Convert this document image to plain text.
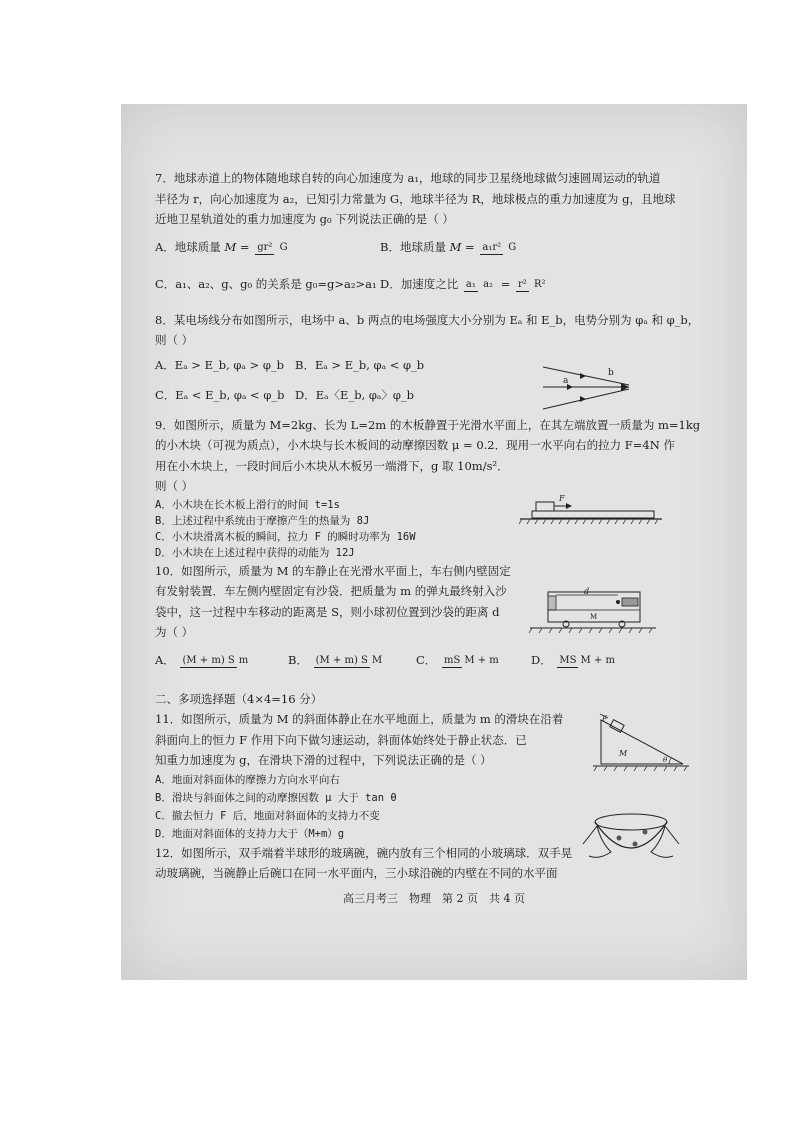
7．地球赤道上的物体随地球自转的向心加速度为 a₁，地球的同步卫星绕地球做匀速圆周运动的轨道

半径为 r，向心加速度为 a₂，已知引力常量为 G，地球半径为 R，地球极点的重力加速度为 g，且地球

近地卫星轨道处的重力加速度为 g₀ 下列说法正确的是（ ）

A．地球质量 M = gr² G	B．地球质量 M = a₁r² G
C．a₁、a₂、g、g₀ 的关系是 g₀=g>a₂>a₁ D．加速度之比 a₁ a₂ = r² R²

8．某电场线分布如图所示，电场中 a、b 两点的电场强度大小分别为 Eₐ 和 E_b，电势分别为 φₐ 和 φ_b，

则（ ）

A．Eₐ > E_b, φₐ > φ_b B．Eₐ > E_b, φₐ < φ_b
C．Eₐ < E_b, φₐ < φ_b D．Eₐ〈E_b, φₐ〉φ_b

9．如图所示，质量为 M=2kg、长为 L=2m 的木板静置于光滑水平面上，在其左端放置一质量为 m=1kg

的小木块（可视为质点），小木块与长木板间的动摩擦因数 μ = 0.2．现用一水平向右的拉力 F=4N 作

用在小木块上，一段时间后小木块从木板另一端滑下，g 取 10m/s²．

则（ ）

A．小木块在长木板上滑行的时间 t=1s

B．上述过程中系统由于摩擦产生的热量为 8J

C．小木块滑离木板的瞬间，拉力 F 的瞬时功率为 16W

D．小木块在上述过程中获得的动能为 12J

10．如图所示，质量为 M 的车静止在光滑水平面上，车右侧内壁固定

有发射装置．车左侧内壁固定有沙袋．把质量为 m 的弹丸最终射入沙

袋中，这一过程中车移动的距离是 S，则小球初位置到沙袋的距离 d

为（ ）

A． (M + m) S m	B． (M + m) S M	C． mS M + m	D． MS M + m

二、多项选择题（4×4=16 分）

11．如图所示，质量为 M 的斜面体静止在水平地面上，质量为 m 的滑块在沿着

斜面向上的恒力 F 作用下向下做匀速运动，斜面体始终处于静止状态．已

知重力加速度为 g，在滑块下滑的过程中，下列说法正确的是（ ）

A．地面对斜面体的摩擦力方向水平向右

B．滑块与斜面体之间的动摩擦因数 μ 大于 tan θ

C．撤去恒力 F 后，地面对斜面体的支持力不变

D．地面对斜面体的支持力大于（M+m）g

12．如图所示，双手端着半球形的玻璃碗，碗内放有三个相同的小玻璃球．双手晃

动玻璃碗，当碗静止后碗口在同一水平面内，三小球沿碗的内壁在不同的水平面

a
b
F
d
M
F
M
θ
高三月考三　物理　第 2 页　共 4 页
